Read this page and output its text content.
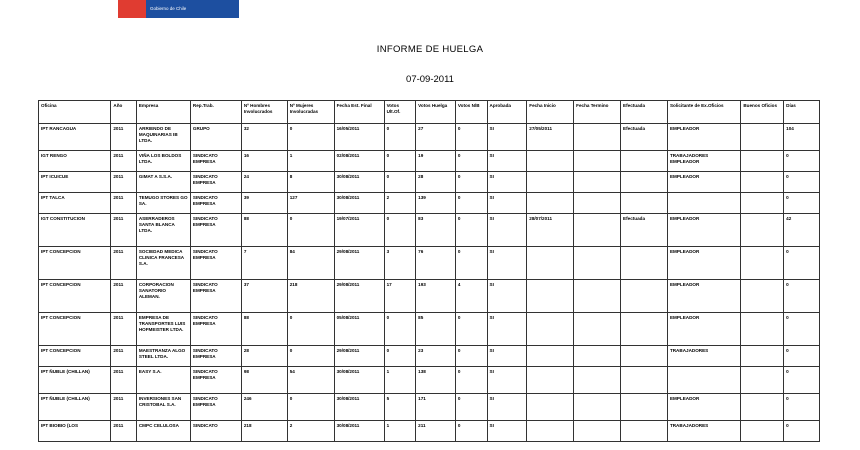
Gobierno de Chile
INFORME DE HUELGA
07-09-2011
Oficina	Año	Empresa	Rep.Trab.	Nº Hombres Involucrados	Nº Mujeres Involucradas	Fecha Est. Final	Votos Ult.Of.	Votos Huelga	Votos N/B	Aprobada	Fecha Inicio	Fecha Termino	Efectuada	Solicitante de Ex.Oficios	Buenos Oficios	Días
IPT RANCAGUA	2011	ARRIENDO DE MAQUINARIAS IB LTDA.	GRUPO	32	0	16/05/2011	0	27	0	SI	27/05/2011		Efectuada	EMPLEADOR		104
IGT RENGO	2011	VIÑA LOS BOLDOS LTDA.	SINDICATO EMPRESA	16	1	02/08/2011	0	19	0	SI				TRABAJADORES EMPLEADOR		0
IPT ICUICUE	2011	GIMAT A S.S.A.	SINDICATO EMPRESA	24	8	30/08/2011	0	28	0	SI				EMPLEADOR		0
IPT TALCA	2011	TEMUGO STORES GO SA.	SINDICATO EMPRESA	39	127	30/08/2011	2	139	0	SI						0
IGT CONSTITUCION	2011	ASERRADEROS SANTA BLANCA LTDA.	SINDICATO EMPRESA	88	0	19/07/2011	0	83	0	SI	28/07/2011		Efectuada	EMPLEADOR		42
IPT CONCEPCION	2011	SOCIEDAD MEDICA CLINICA FRANCESA S.A.	SINDICATO EMPRESA	7	84	29/08/2011	3	76	0	SI				EMPLEADOR		0
IPT CONCEPCION	2011	CORPORACION SANATORIO ALEMAN.	SINDICATO EMPRESA	37	218	29/08/2011	17	193	4	SI				EMPLEADOR		0
IPT CONCEPCION	2011	EMPRESA DE TRANSPORTES LUIS HOFMEISTER LTDA.	SINDICATO EMPRESA	88	0	05/08/2011	0	85	0	SI				EMPLEADOR		0
IPT CONCEPCION	2011	MAESTRANZA ALGO STEEL LTDA.	SINDICATO EMPRESA	28	0	29/08/2011	0	23	0	SI				TRABAJADORES		0
IPT ÑUBLE (CHILLAN)	2011	EASY S.A.	SINDICATO EMPRESA	98	54	30/08/2011	1	138	0	SI						0
IPT ÑUBLE (CHILLAN)	2011	INVERSIONES SAN CRISTOBAL S.A.	SINDICATO EMPRESA	246	0	30/08/2011	5	171	0	SI				EMPLEADOR		0
IPT BIOBIO (LOS	2011	CMPC CELULOSA	SINDICATO	218	2	30/08/2011	1	211	0	SI				TRABAJADORES		0
